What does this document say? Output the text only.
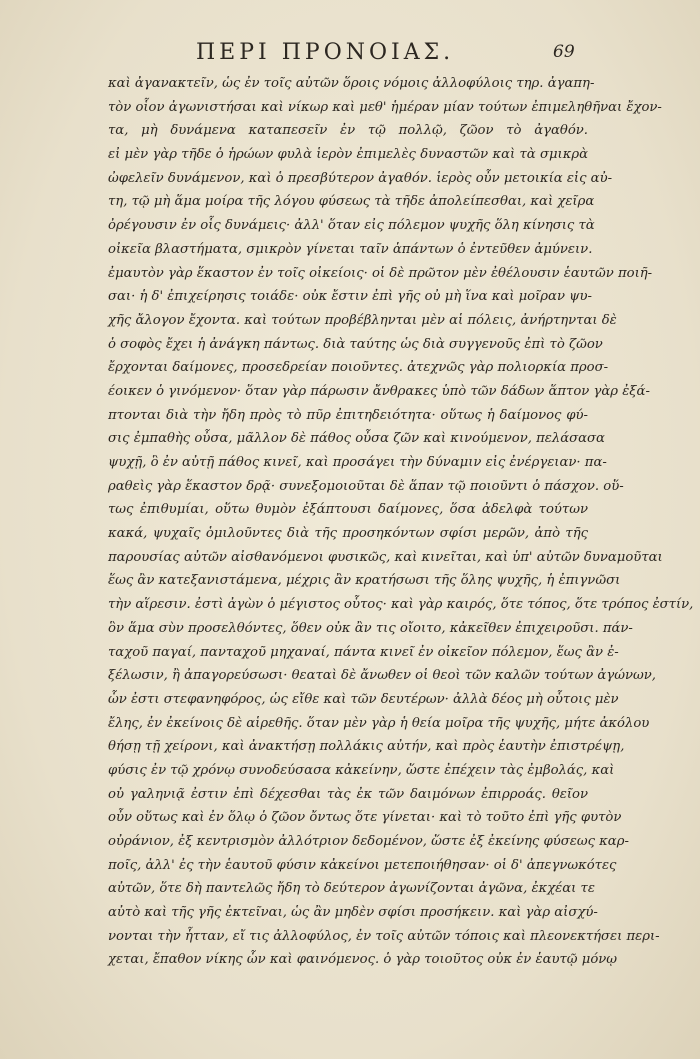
ΠΕΡΙ ΠΡΟΝΟΙΑΣ.	69
καὶ ἀγανακτεῖν, ὡς ἐν τοῖς αὐτῶν ὅροις νόμοις ἀλλοφύλοις τηρ. ἀγαπη-
τὸν οἷον ἀγωνιστήσαι καὶ νίκωρ καὶ μεθ' ἡμέραν μίαν τούτων ἐπιμεληθῆναι ἔχον-
τα, μὴ δυνάμενα καταπεσεῖν ἐν τῷ πολλῷ, ζῶον τὸ ἀγαθόν.
εἰ μὲν γὰρ τῆδε ὁ ἡρώων φυλὰ ἱερὸν ἐπιμελὲς δυναστῶν καὶ τὰ σμικρὰ
ὠφελεῖν δυνάμενον, καὶ ὁ πρεσβύτερον ἀγαθόν. ἱερὸς οὖν μετοικία εἰς αὐ-
τη, τῷ μὴ ἅμα μοίρα τῆς λόγου φύσεως τὰ τῆδε ἀπολείπεσθαι, καὶ χεῖρα
ὀρέγουσιν ἐν οἷς δυνάμεις· ἀλλ' ὅταν εἰς πόλεμον ψυχῆς ὅλη κίνησις τὰ
οἰκεῖα βλαστήματα, σμικρὸν γίνεται ταῖν ἁπάντων ὁ ἐντεῦθεν ἀμύνειν.
ἐμαυτὸν γὰρ ἕκαστον ἐν τοῖς οἰκείοις· οἱ δὲ πρῶτον μὲν ἐθέλουσιν ἑαυτῶν ποιῆ-
σαι· ἡ δ' ἐπιχείρησις τοιάδε· οὐκ ἔστιν ἐπὶ γῆς οὐ μὴ ἵνα καὶ μοῖραν ψυ-
χῆς ἄλογον ἔχοντα. καὶ τούτων προβέβληνται μὲν αἱ πόλεις, ἀνήρτηνται δὲ
ὁ σοφὸς ἔχει ἡ ἀνάγκη πάντως. διὰ ταύτης ὡς διὰ συγγενοῦς ἐπὶ τὸ ζῶον
ἔρχονται δαίμονες, προσεδρείαν ποιοῦντες. ἀτεχνῶς γὰρ πολιορκία προσ-
έοικεν ὁ γινόμενον· ὅταν γὰρ πάρωσιν ἄνθρακες ὑπὸ τῶν δάδων ἅπτον γὰρ ἐξά-
πτονται διὰ τὴν ἤδη πρὸς τὸ πῦρ ἐπιτηδειότητα· οὕτως ἡ δαίμονος φύ-
σις ἐμπαθὴς οὖσα, μᾶλλον δὲ πάθος οὖσα ζῶν καὶ κινούμενον, πελάσασα
ψυχῇ, ὃ ἐν αὐτῇ πάθος κινεῖ, καὶ προσάγει τὴν δύναμιν εἰς ἐνέργειαν· πα-
ραθεὶς γὰρ ἕκαστον δρᾷ· συνεξομοιοῦται δὲ ἅπαν τῷ ποιοῦντι ὁ πάσχον. οὕ-
τως ἐπιθυμίαι, οὕτω θυμὸν ἐξάπτουσι δαίμονες, ὅσα ἀδελφὰ τούτων
κακά, ψυχαῖς ὁμιλοῦντες διὰ τῆς προσηκόντων σφίσι μερῶν, ἀπὸ τῆς
παρουσίας αὐτῶν αἰσθανόμενοι φυσικῶς, καὶ κινεῖται, καὶ ὑπ' αὐτῶν δυναμοῦται
ἕως ἂν κατεξανιστάμενα, μέχρις ἂν κρατήσωσι τῆς ὅλης ψυχῆς, ἡ ἐπιγνῶσι
τὴν αἵρεσιν. ἐστὶ ἀγὼν ὁ μέγιστος οὗτος· καὶ γὰρ καιρός, ὅτε τόπος, ὅτε τρόπος ἐστίν,
ὃν ἅμα σὺν προσελθόντες, ὅθεν οὐκ ἂν τις οἴοιτο, κἀκεῖθεν ἐπιχειροῦσι. πάν-
ταχοῦ παγαί, πανταχοῦ μηχαναί, πάντα κινεῖ ἐν οἰκεῖον πόλεμον, ἕως ἂν ἐ-
ξέλωσιν, ἢ ἀπαγορεύσωσι· θεαταὶ δὲ ἄνωθεν οἱ θεοὶ τῶν καλῶν τούτων ἀγώνων,
ὧν ἐστι στεφανηφόρος, ὡς εἴθε καὶ τῶν δευτέρων· ἀλλὰ δέος μὴ οὗτοις μὲν
ἔλης, ἐν ἐκείνοις δὲ αἱρεθῆς. ὅταν μὲν γὰρ ἡ θεία μοῖρα τῆς ψυχῆς, μήτε ἀκόλου
θήσῃ τῇ χείρονι, καὶ ἀνακτήσῃ πολλάκις αὐτήν, καὶ πρὸς ἑαυτὴν ἐπιστρέψῃ,
φύσις ἐν τῷ χρόνῳ συνοδεύσασα κἀκείνην, ὥστε ἐπέχειν τὰς ἐμβολάς, καὶ
οὐ γαληνιᾷ ἐστιν ἐπὶ δέχεσθαι τὰς ἐκ τῶν δαιμόνων ἐπιρροάς. θεῖον
οὖν οὕτως καὶ ἐν ὅλῳ ὁ ζῶον ὄντως ὅτε γίνεται· καὶ τὸ τοῦτο ἐπὶ γῆς φυτὸν
οὐράνιον, ἐξ κεντρισμὸν ἀλλότριον δεδομένον, ὥστε ἐξ ἐκείνης φύσεως καρ-
ποῖς, ἀλλ' ἐς τὴν ἑαυτοῦ φύσιν κἀκείνοι μετεποιήθησαν· οἱ δ' ἀπεγνωκότες
αὐτῶν, ὅτε δὴ παντελῶς ἤδη τὸ δεύτερον ἀγωνίζονται ἀγῶνα, ἐκχέαι τε
αὐτὸ καὶ τῆς γῆς ἐκτεῖναι, ὡς ἂν μηδὲν σφίσι προσήκειν. καὶ γὰρ αἰσχύ-
νονται τὴν ἧτταν, εἴ τις ἀλλοφύλος, ἐν τοῖς αὐτῶν τόποις καὶ πλεονεκτήσει περι-
χεται, ἔπαθον νίκης ὧν καὶ φαινόμενος. ὁ γὰρ τοιοῦτος οὐκ ἐν ἑαυτῷ μόνῳ
